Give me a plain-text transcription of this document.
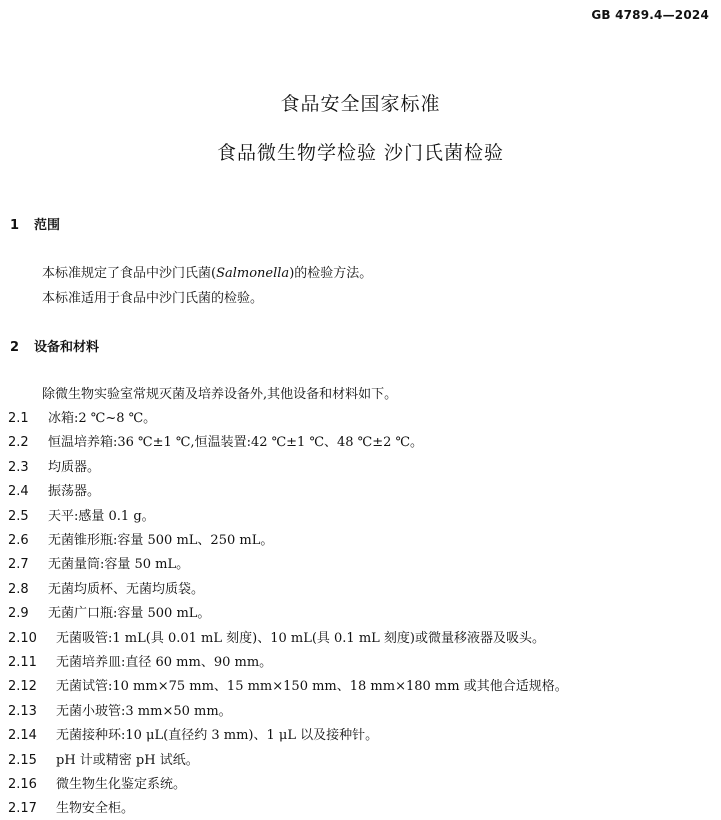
GB 4789.4—2024
食品安全国家标准
食品微生物学检验 沙门氏菌检验
1 范围
本标准规定了食品中沙门氏菌(Salmonella)的检验方法。
本标准适用于食品中沙门氏菌的检验。
2 设备和材料
除微生物实验室常规灭菌及培养设备外,其他设备和材料如下。
2.1 冰箱:2 ℃~8 ℃。
2.2 恒温培养箱:36 ℃±1 ℃,恒温装置:42 ℃±1 ℃、48 ℃±2 ℃。
2.3 均质器。
2.4 振荡器。
2.5 天平:感量 0.1 g。
2.6 无菌锥形瓶:容量 500 mL、250 mL。
2.7 无菌量筒:容量 50 mL。
2.8 无菌均质杯、无菌均质袋。
2.9 无菌广口瓶:容量 500 mL。
2.10 无菌吸管:1 mL(具 0.01 mL 刻度)、10 mL(具 0.1 mL 刻度)或微量移液器及吸头。
2.11 无菌培养皿:直径 60 mm、90 mm。
2.12 无菌试管:10 mm×75 mm、15 mm×150 mm、18 mm×180 mm 或其他合适规格。
2.13 无菌小玻管:3 mm×50 mm。
2.14 无菌接种环:10 μL(直径约 3 mm)、1 μL 以及接种针。
2.15 pH 计或精密 pH 试纸。
2.16 微生物生化鉴定系统。
2.17 生物安全柜。
